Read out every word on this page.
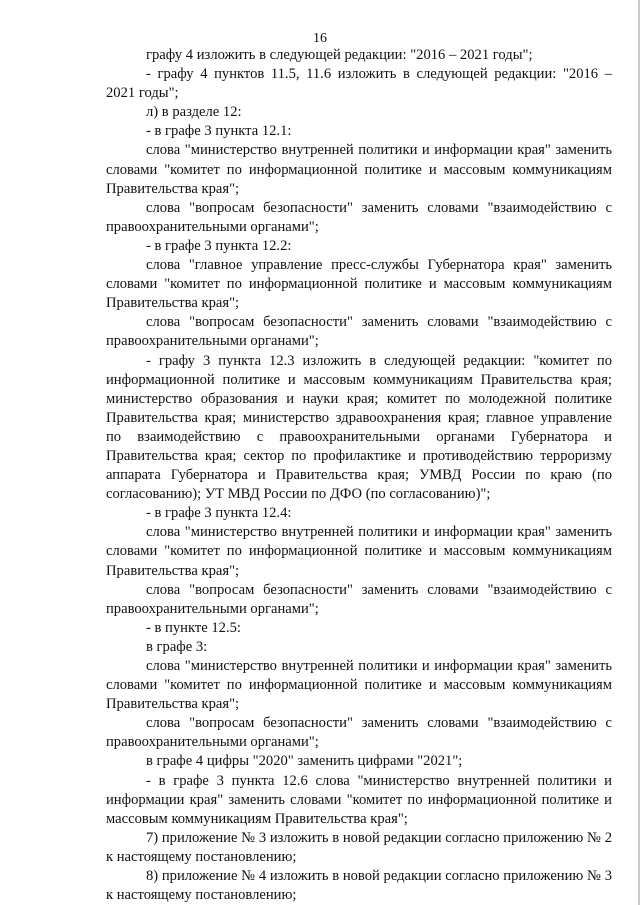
16

графу 4 изложить в следующей редакции: "2016 – 2021 годы";

- графу 4 пунктов 11.5, 11.6 изложить в следующей редакции: "2016 – 2021 годы";

л) в разделе 12:

- в графе 3 пункта 12.1:

слова "министерство внутренней политики и информации края" заменить словами "комитет по информационной политике и массовым коммуникациям Правительства края";

слова "вопросам безопасности" заменить словами "взаимодействию с правоохранительными органами";

- в графе 3 пункта 12.2:

слова "главное управление пресс-службы Губернатора края" заменить словами "комитет по информационной политике и массовым коммуникациям Правительства края";

слова "вопросам безопасности" заменить словами "взаимодействию с правоохранительными органами";

- графу 3 пункта 12.3 изложить в следующей редакции: "комитет по информационной политике и массовым коммуникациям Правительства края; министерство образования и науки края; комитет по молодежной политике Правительства края; министерство здравоохранения края; главное управление по взаимодействию с правоохранительными органами Губернатора и Правительства края; сектор по профилактике и противодействию терроризму аппарата Губернатора и Правительства края; УМВД России по краю (по согласованию); УТ МВД России по ДФО (по согласованию)";

- в графе 3 пункта 12.4:

слова "министерство внутренней политики и информации края" заменить словами "комитет по информационной политике и массовым коммуникациям Правительства края";

слова "вопросам безопасности" заменить словами "взаимодействию с правоохранительными органами";

- в пункте 12.5:

в графе 3:

слова "министерство внутренней политики и информации края" заменить словами "комитет по информационной политике и массовым коммуникациям Правительства края";

слова "вопросам безопасности" заменить словами "взаимодействию с правоохранительными органами";

в графе 4 цифры "2020" заменить цифрами "2021";

- в графе 3 пункта 12.6 слова "министерство внутренней политики и информации края" заменить словами "комитет по информационной политике и массовым коммуникациям Правительства края";

7) приложение № 3 изложить в новой редакции согласно приложению № 2 к настоящему постановлению;

8) приложение № 4 изложить в новой редакции согласно приложению № 3 к настоящему постановлению;
